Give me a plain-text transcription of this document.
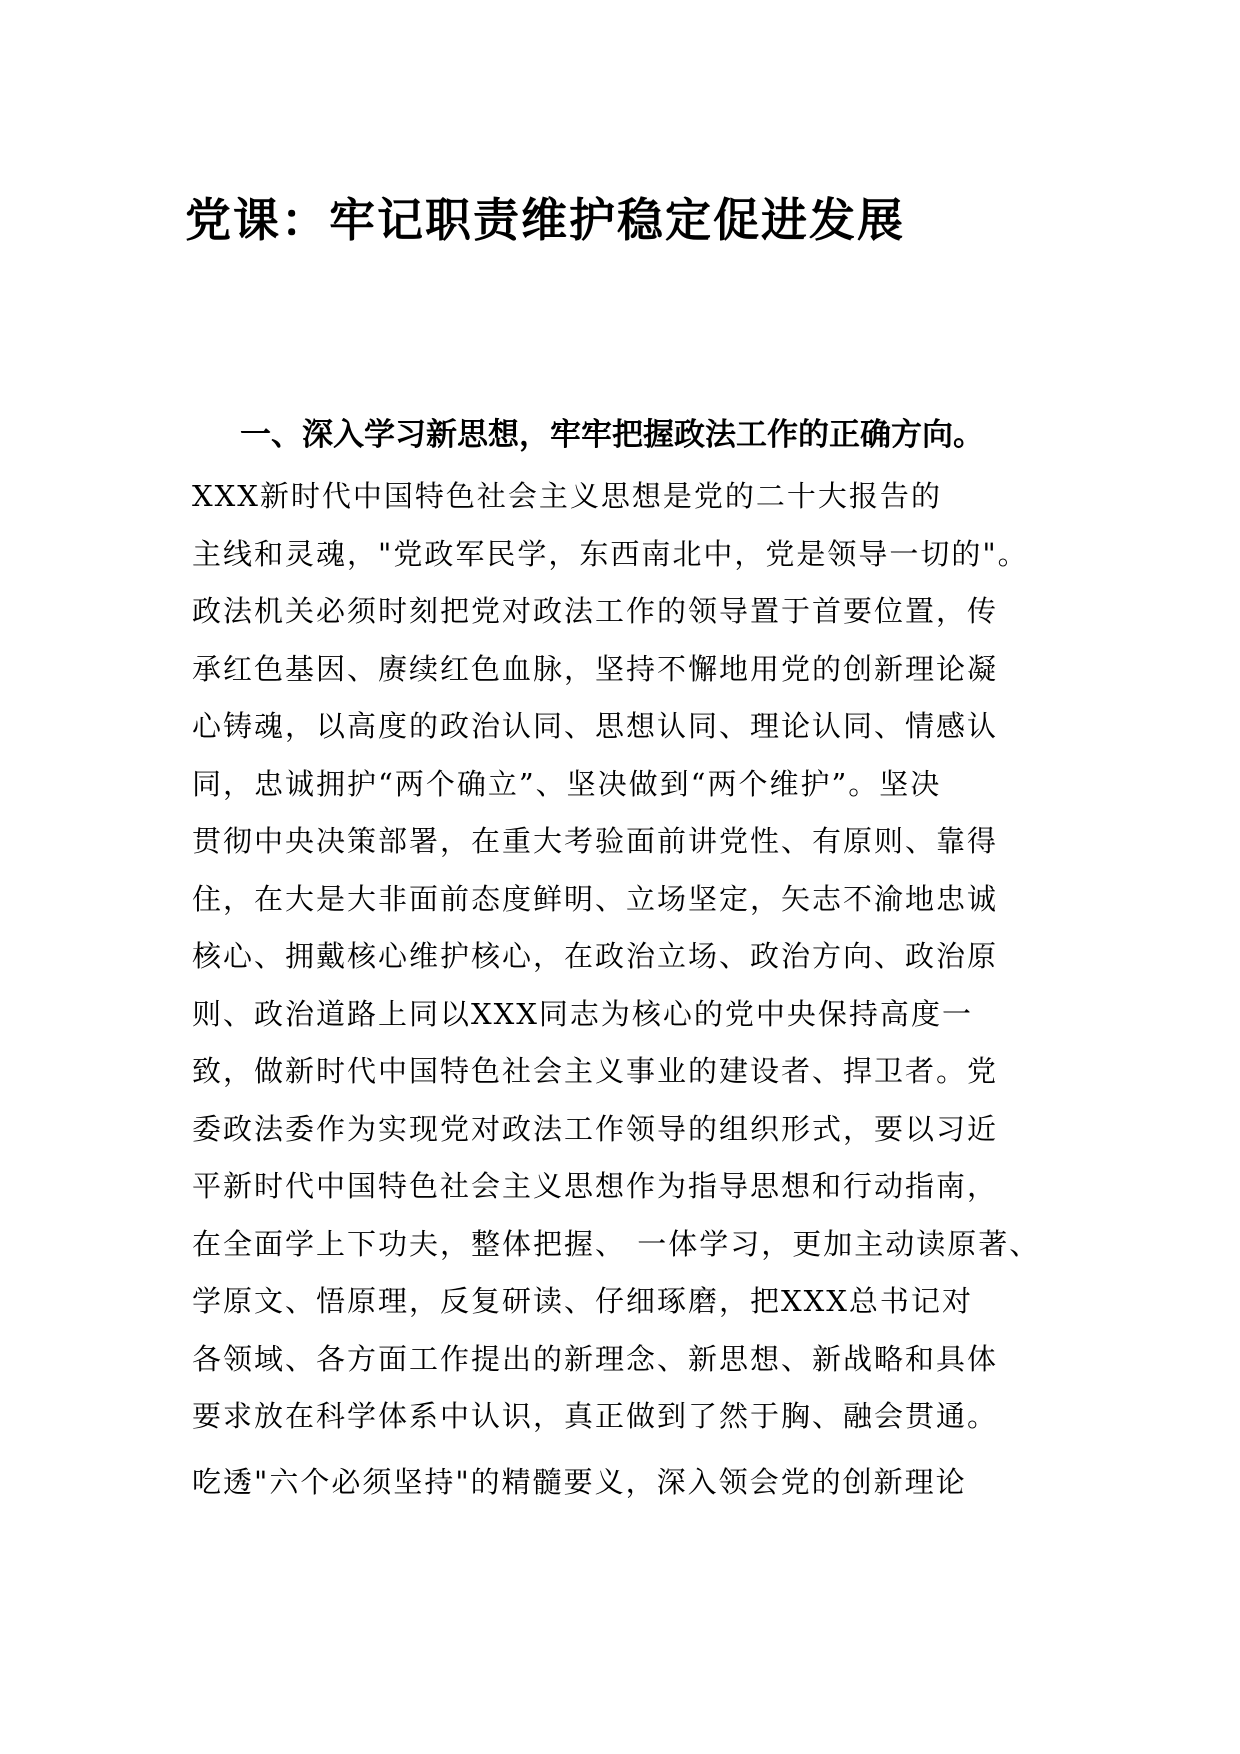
党课：牢记职责维护稳定促进发展
一、深入学习新思想，牢牢把握政法工作的正确方向。
XXX新时代中国特色社会主义思想是党的二十大报告的
主线和灵魂，"党政军民学，东西南北中，党是领导一切的"。
政法机关必须时刻把党对政法工作的领导置于首要位置，传
承红色基因、赓续红色血脉，坚持不懈地用党的创新理论凝
心铸魂，以高度的政治认同、思想认同、理论认同、情感认
同，忠诚拥护“两个确立”、坚决做到“两个维护”。坚决
贯彻中央决策部署，在重大考验面前讲党性、有原则、靠得
住，在大是大非面前态度鲜明、立场坚定，矢志不渝地忠诚
核心、拥戴核心维护核心，在政治立场、政治方向、政治原
则、政治道路上同以XXX同志为核心的党中央保持高度一
致，做新时代中国特色社会主义事业的建设者、捍卫者。党
委政法委作为实现党对政法工作领导的组织形式，要以习近
平新时代中国特色社会主义思想作为指导思想和行动指南，
在全面学上下功夫，整体把握、 一体学习，更加主动读原著、
学原文、悟原理，反复研读、仔细琢磨，把XXX总书记对
各领域、各方面工作提出的新理念、新思想、新战略和具体
要求放在科学体系中认识，真正做到了然于胸、融会贯通。
吃透"六个必须坚持"的精髓要义，深入领会党的创新理论
